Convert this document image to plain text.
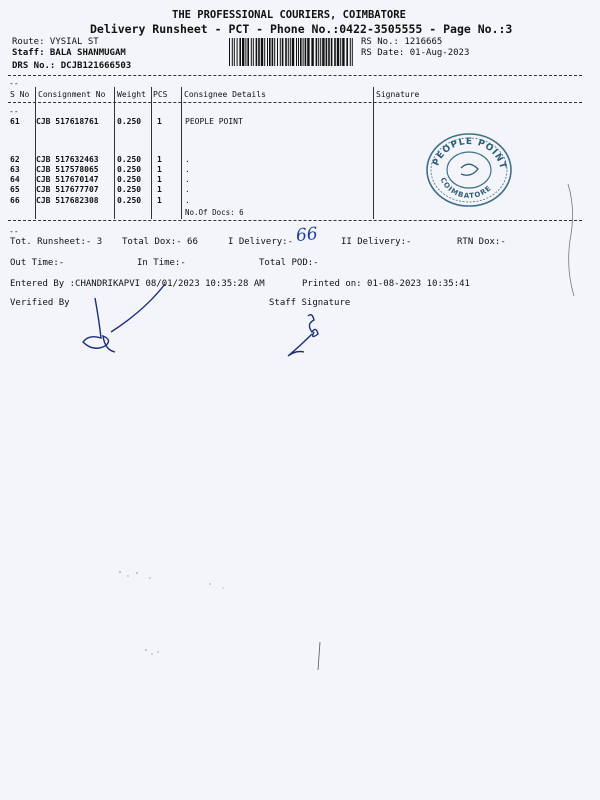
THE PROFESSIONAL COURIERS, COIMBATORE
Delivery Runsheet - PCT - Phone No.:0422-3505555 - Page No.:3
Route: VYSIAL ST
Staff: BALA SHANMUGAM
DRS No.: DCJB121666503
RS No.: 1216665
RS Date: 01-Aug-2023
--
--
--
S No Consignment No Weight PCS Consignee Details	Signature
61 CJB 517618761 0.250 1	PEOPLE POINT
62 CJB 517632463 0.250 1	.
63 CJB 517578065 0.250 1	.
64 CJB 517670147 0.250 1	.
65 CJB 517677707 0.250 1	.
66 CJB 517682308 0.250 1	.
No.Of Docs: 6
PEOPLE POINT
COIMBATORE
Tot. Runsheet:- 3 Total Dox:- 66	I Delivery:- 66 II Delivery:-	RTN Dox:-
Out Time:-	In Time:-	Total POD:-
Entered By :CHANDRIKAPVI 08/01/2023 10:35:28 AM	Printed on: 01-08-2023 10:35:41
Verified By	Staff Signature
